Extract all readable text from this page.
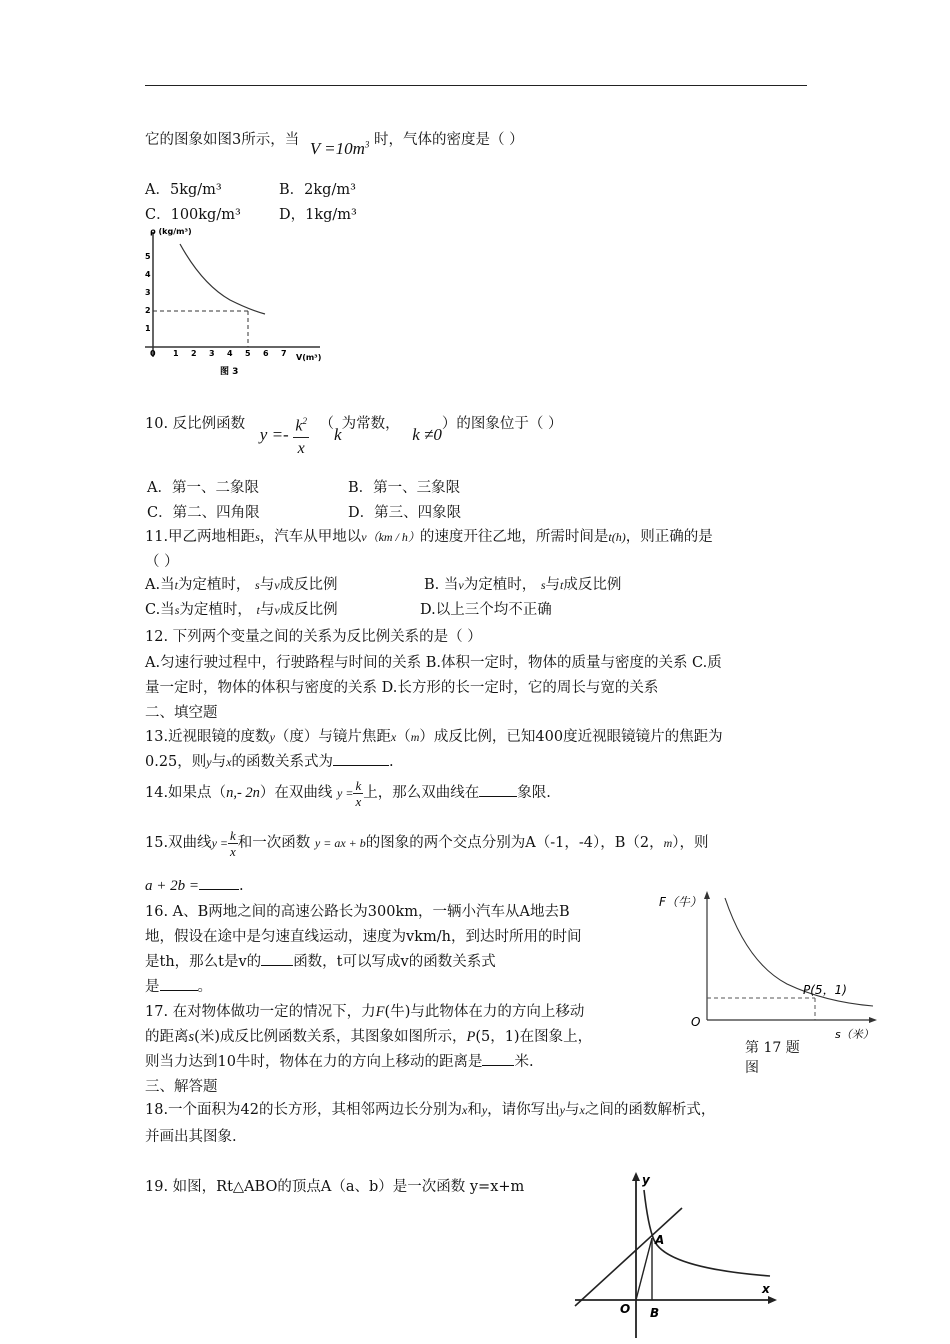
它的图象如图3所示，当 $V =10m^3$ 时，气体的密度是（ ）
A．5kg/m³	B．2kg/m³
C．100kg/m³	D，1kg/m³
ρ (kg/m³)
V(m³)
1
2
3
4
5
0 1 2 3 4 5 6 7
图 3
10. 反比例函数 $y =- \frac{k^2}{x} (k$为常数， k ≠0）的图象位于（ ）
A．第一、二象限	B．第一、三象限
C．第二、四角限	D．第三、四象限
11.甲乙两地相距s，汽车从甲地以v（km / h）的速度开往乙地，所需时间是t(h)，则正确的是
（ ）
A.当t为定植时， s与v成反比例	B. 当v为定植时， s与t成反比例
C.当s为定植时， t与v成反比例	D.以上三个均不正确
12. 下列两个变量之间的关系为反比例关系的是（ ）
A.匀速行驶过程中，行驶路程与时间的关系 B.体积一定时，物体的质量与密度的关系 C.质
量一定时，物体的体积与密度的关系 D.长方形的长一定时，它的周长与宽的关系
二、填空题
13.近视眼镜的度数y（度）与镜片焦距x（m）成反比例，已知400度近视眼镜镜片的焦距为
0.25，则y与x的函数关系式为	.
14.如果点（n,- 2n）在双曲线 $y = \frac{k}{x}$ 上，那么双曲线在	象限.
15.双曲线$y = \frac{k}{x}$ 和一次函数 y = ax + b的图象的两个交点分别为A（-1，-4），B（2，m），则
a + 2b =	.
16. A、B两地之间的高速公路长为300km，一辆小汽车从A地去B
地，假设在途中是匀速直线运动，速度为vkm/h，到达时所用的时间
是th，那么t是v的 函数，t可以写成v的函数关系式
是	。
17. 在对物体做功一定的情况下，力F(牛)与此物体在力的方向上移动
的距离s(米)成反比例函数关系，其图象如图所示，P(5，1)在图象上，
则当力达到10牛时，物体在力的方向上移动的距离是 米.
F（牛）
O
P(5，1)
s（米）
第 17 题
图
三、解答题
18.一个面积为42的长方形，其相邻两边长分别为x和y，请你写出y与x之间的函数解析式，
并画出其图象.
19. 如图，Rt△ABO的顶点A（a、b）是一次函数 y=x+m	y
x
O
A
B
